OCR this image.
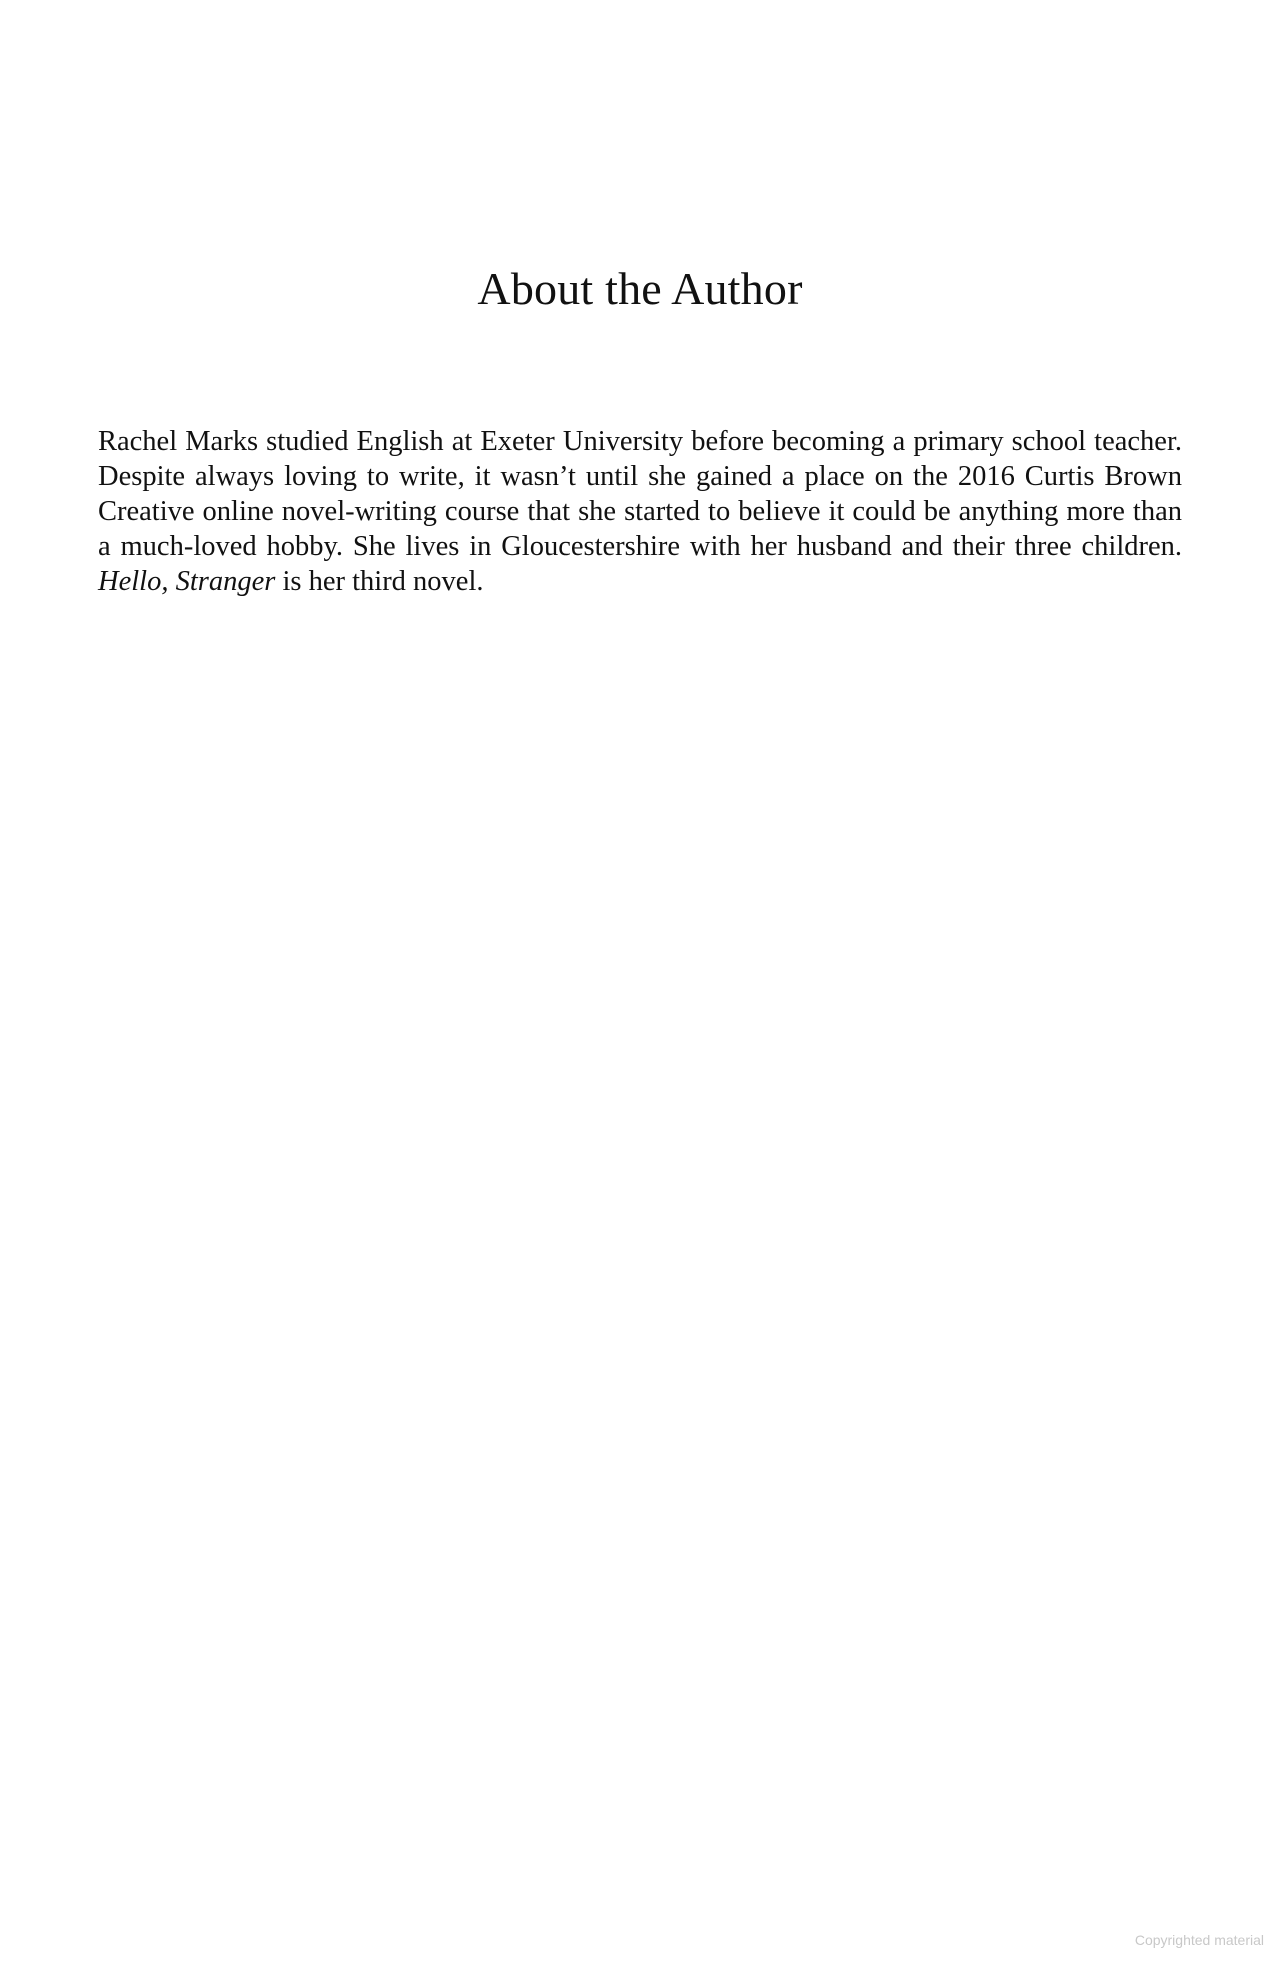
About the Author

Rachel Marks studied English at Exeter University before becoming a primary school teacher. Despite always loving to write, it wasn’t until she gained a place on the 2016 Curtis Brown Creative online novel-writing course that she started to believe it could be anything more than a much-loved hobby. She lives in Gloucestershire with her husband and their three children. Hello, Stranger is her third novel.

Copyrighted material
